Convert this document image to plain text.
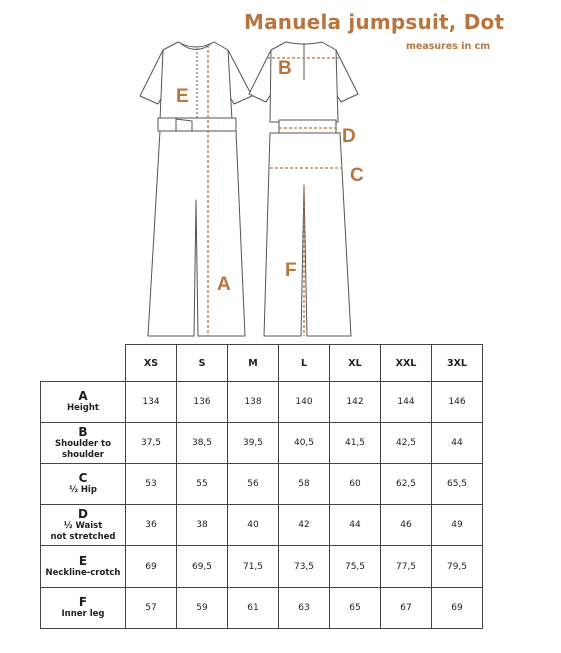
Manuela jumpsuit, Dot
measures in cm
E
A
B
D
C
F
	XS	S	M	L	XL	XXL	3XL

A
Height	134	136	138	140	142	144	146

B
Shoulder to
shoulder	37,5	38,5	39,5	40,5	41,5	42,5	44

C
½ Hip	53	55	56	58	60	62,5	65,5

D
½ Waist
not stretched	36	38	40	42	44	46	49

E
Neckline-crotch	69	69,5	71,5	73,5	75,5	77,5	79,5

F
Inner leg	57	59	61	63	65	67	69
